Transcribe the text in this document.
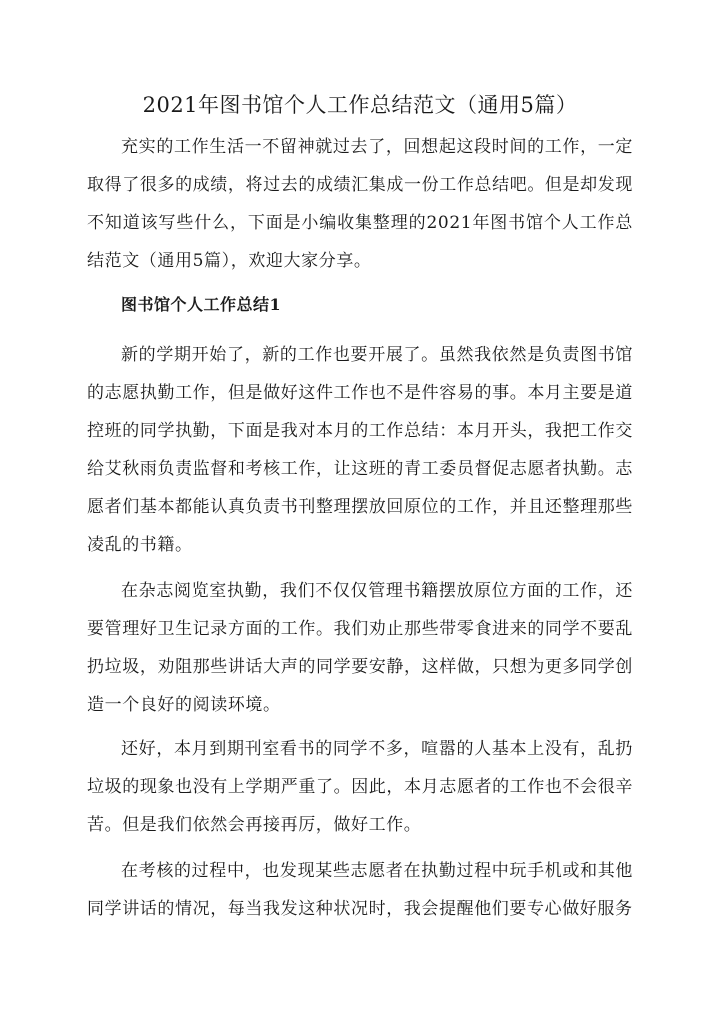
2021年图书馆个人工作总结范文（通用5篇）

充实的工作生活一不留神就过去了，回想起这段时间的工作，一定取得了很多的成绩，将过去的成绩汇集成一份工作总结吧。但是却发现不知道该写些什么，下面是小编收集整理的2021年图书馆个人工作总结范文（通用5篇），欢迎大家分享。

图书馆个人工作总结1

新的学期开始了，新的工作也要开展了。虽然我依然是负责图书馆的志愿执勤工作，但是做好这件工作也不是件容易的事。本月主要是道控班的同学执勤，下面是我对本月的工作总结：本月开头，我把工作交给艾秋雨负责监督和考核工作，让这班的青工委员督促志愿者执勤。志愿者们基本都能认真负责书刊整理摆放回原位的工作，并且还整理那些凌乱的书籍。

在杂志阅览室执勤，我们不仅仅管理书籍摆放原位方面的工作，还要管理好卫生记录方面的工作。我们劝止那些带零食进来的同学不要乱扔垃圾，劝阻那些讲话大声的同学要安静，这样做，只想为更多同学创造一个良好的阅读环境。

还好，本月到期刊室看书的同学不多，喧嚣的人基本上没有，乱扔垃圾的现象也没有上学期严重了。因此，本月志愿者的工作也不会很辛苦。但是我们依然会再接再厉，做好工作。

在考核的过程中，也发现某些志愿者在执勤过程中玩手机或和其他同学讲话的情况，每当我发这种状况时，我会提醒他们要专心做好服务
